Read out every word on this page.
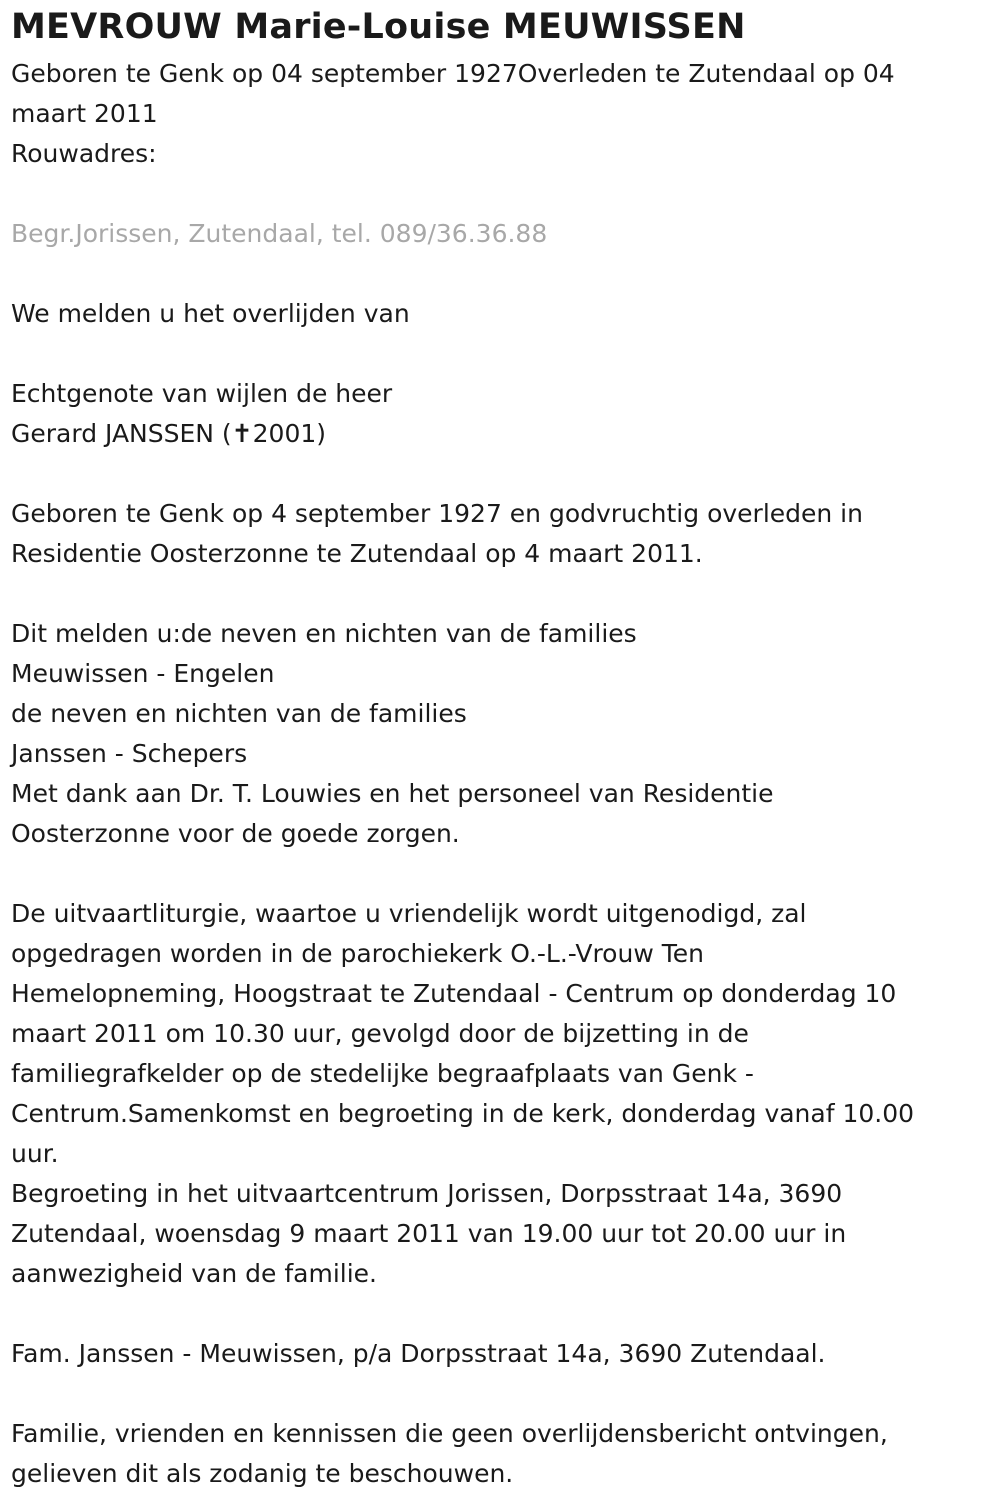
MEVROUW Marie-Louise MEUWISSEN

Geboren te Genk op 04 september 1927Overleden te Zutendaal op 04

maart 2011

Rouwadres:

Begr.Jorissen, Zutendaal, tel. 089/36.36.88

We melden u het overlijden van

Echtgenote van wijlen de heer

Gerard JANSSEN (✝2001)

Geboren te Genk op 4 september 1927 en godvruchtig overleden in

Residentie Oosterzonne te Zutendaal op 4 maart 2011.

Dit melden u:de neven en nichten van de families

Meuwissen - Engelen

de neven en nichten van de families

Janssen - Schepers

Met dank aan Dr. T. Louwies en het personeel van Residentie

Oosterzonne voor de goede zorgen.

De uitvaartliturgie, waartoe u vriendelijk wordt uitgenodigd, zal

opgedragen worden in de parochiekerk O.-L.-Vrouw Ten

Hemelopneming, Hoogstraat te Zutendaal - Centrum op donderdag 10

maart 2011 om 10.30 uur, gevolgd door de bijzetting in de

familiegrafkelder op de stedelijke begraafplaats van Genk -

Centrum.Samenkomst en begroeting in de kerk, donderdag vanaf 10.00

uur.

Begroeting in het uitvaartcentrum Jorissen, Dorpsstraat 14a, 3690

Zutendaal, woensdag 9 maart 2011 van 19.00 uur tot 20.00 uur in

aanwezigheid van de familie.

Fam. Janssen - Meuwissen, p/a Dorpsstraat 14a, 3690 Zutendaal.

Familie, vrienden en kennissen die geen overlijdensbericht ontvingen,

gelieven dit als zodanig te beschouwen.
